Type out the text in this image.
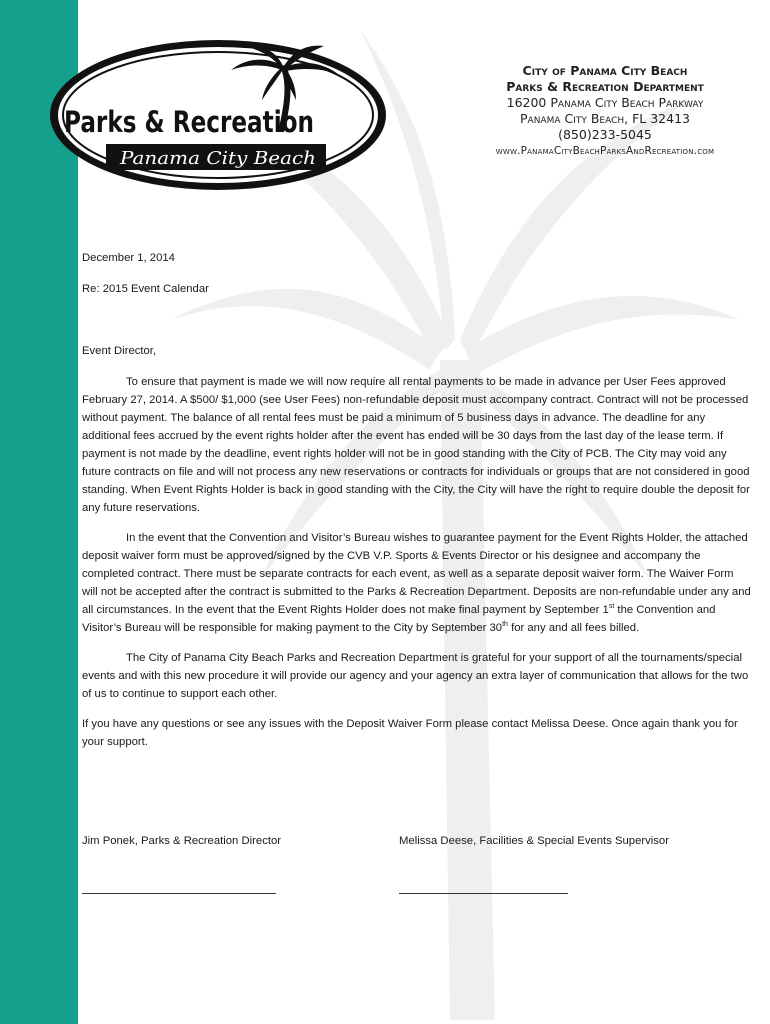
Parks & Recreation
Panama City Beach
City of Panama City Beach
Parks & Recreation Department
16200 Panama City Beach Parkway
Panama City Beach, FL 32413
(850)233-5045
www.PanamaCityBeachParksAndRecreation.com
December 1, 2014
Re: 2015 Event Calendar
Event Director,

To ensure that payment is made we will now require all rental payments to be made in advance per User Fees approved February 27, 2014. A $500/ $1,000 (see User Fees) non-refundable deposit must accompany contract. Contract will not be processed without payment. The balance of all rental fees must be paid a minimum of 5 business days in advance. The deadline for any additional fees accrued by the event rights holder after the event has ended will be 30 days from the last day of the lease term. If payment is not made by the deadline, event rights holder will not be in good standing with the City of PCB. The City may void any future contracts on file and will not process any new reservations or contracts for individuals or groups that are not considered in good standing. When Event Rights Holder is back in good standing with the City, the City will have the right to require double the deposit for any future reservations.

In the event that the Convention and Visitor’s Bureau wishes to guarantee payment for the Event Rights Holder, the attached deposit waiver form must be approved/signed by the CVB V.P. Sports & Events Director or his designee and accompany the completed contract. There must be separate contracts for each event, as well as a separate deposit waiver form. The Waiver Form will not be accepted after the contract is submitted to the Parks & Recreation Department. Deposits are non-refundable under any and all circumstances. In the event that the Event Rights Holder does not make final payment by September 1st the Convention and Visitor’s Bureau will be responsible for making payment to the City by September 30th for any and all fees billed.

The City of Panama City Beach Parks and Recreation Department is grateful for your support of all the tournaments/special events and with this new procedure it will provide our agency and your agency an extra layer of communication that allows for the two of us to continue to support each other.

If you have any questions or see any issues with the Deposit Waiver Form please contact Melissa Deese. Once again thank you for your support.

Jim Ponek, Parks & Recreation Director	Melissa Deese, Facilities & Special Events Supervisor
